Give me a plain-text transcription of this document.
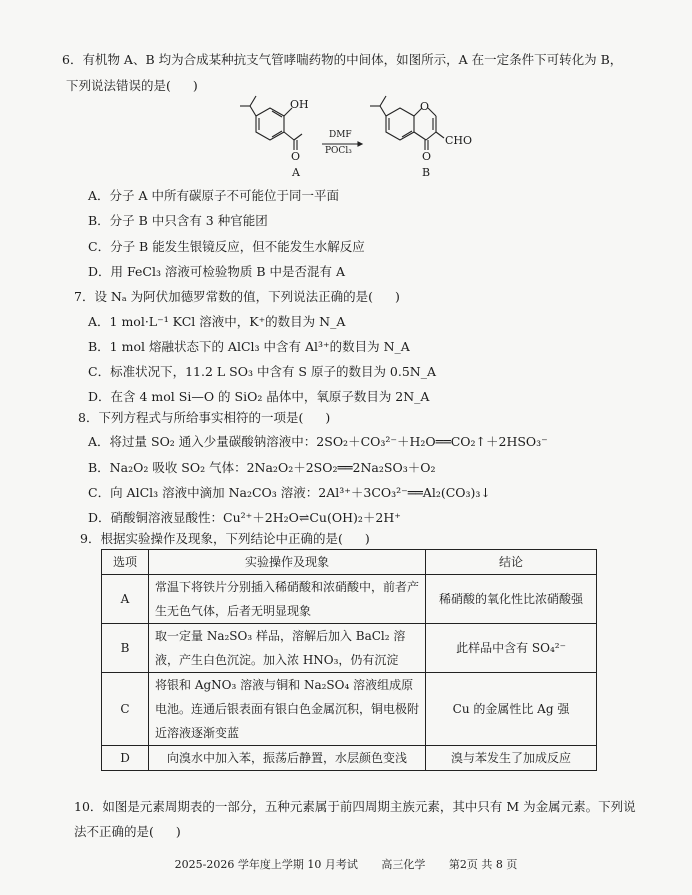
6．有机物 A、B 均为合成某种抗支气管哮喘药物的中间体，如图所示，A 在一定条件下可转化为 B，
下列说法错误的是( )
OH
O
A
DMF
POCl₃
O
O
CHO
B
A．分子 A 中所有碳原子不可能位于同一平面
B．分子 B 中只含有 3 种官能团
C．分子 B 能发生银镜反应，但不能发生水解反应
D．用 FeCl₃ 溶液可检验物质 B 中是否混有 A
7．设 Nₐ 为阿伏加德罗常数的值，下列说法正确的是( )
A．1 mol·L⁻¹ KCl 溶液中，K⁺的数目为 N_A
B．1 mol 熔融状态下的 AlCl₃ 中含有 Al³⁺的数目为 N_A
C．标准状况下，11.2 L SO₃ 中含有 S 原子的数目为 0.5N_A
D．在含 4 mol Si—O 的 SiO₂ 晶体中，氧原子数目为 2N_A
8．下列方程式与所给事实相符的一项是( )
A．将过量 SO₂ 通入少量碳酸钠溶液中：2SO₂＋CO₃²⁻＋H₂O══CO₂↑＋2HSO₃⁻
B．Na₂O₂ 吸收 SO₂ 气体：2Na₂O₂＋2SO₂══2Na₂SO₃＋O₂
C．向 AlCl₃ 溶液中滴加 Na₂CO₃ 溶液：2Al³⁺＋3CO₃²⁻══Al₂(CO₃)₃↓
D．硝酸铜溶液显酸性：Cu²⁺＋2H₂O⇌Cu(OH)₂＋2H⁺
9．根据实验操作及现象，下列结论中正确的是( )
选项	实验操作及现象	结论
A	常温下将铁片分别插入稀硝酸和浓硝酸中，前者产生无色气体，后者无明显现象	稀硝酸的氧化性比浓硝酸强
B	取一定量 Na₂SO₃ 样品，溶解后加入 BaCl₂ 溶液，产生白色沉淀。加入浓 HNO₃，仍有沉淀	此样品中含有 SO₄²⁻
C	将银和 AgNO₃ 溶液与铜和 Na₂SO₄ 溶液组成原电池。连通后银表面有银白色金属沉积，铜电极附近溶液逐渐变蓝	Cu 的金属性比 Ag 强
D	向溴水中加入苯，振荡后静置，水层颜色变浅	溴与苯发生了加成反应
10．如图是元素周期表的一部分，五种元素属于前四周期主族元素，其中只有 M 为金属元素。下列说
法不正确的是( )
2025-2026 学年度上学期 10 月考试 高三化学 第2页 共 8 页
